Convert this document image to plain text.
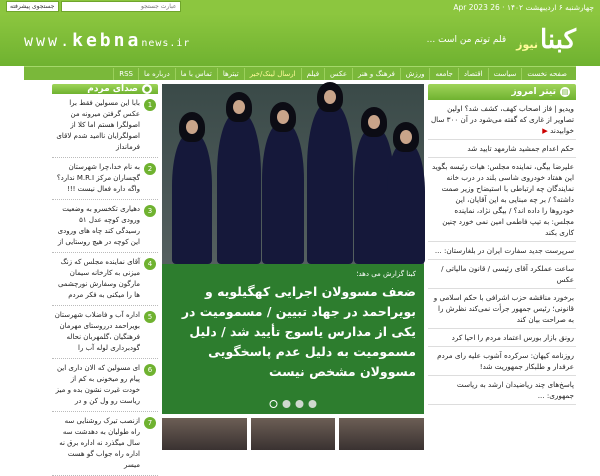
چهارشنبه ۶ اردیبهشت ۱۴۰۲ · 26 Apr 2023
جستجوی پیشرفته
عبارت جستجو
کبنا
نیوز
قلم توتم من است ...
www.kebnanews.ir
صفحه نخست
سیاست
اقتصاد
جامعه
ورزش
فرهنگ و هنر
عکس
فیلم
ارسال لینک/خبر
تیترها
تماس با ما
درباره ما
RSS
▤
تیتر امروز
ویدیو | فاز اصحاب کهف، کشف شد؟ اولین تصاویر از غاری که گفته می‌شود در آن ۳۰۰ سال خوابیدند ▶
حکم اعدام جمشید شارمهد تایید شد
علیرضا بیگی، نماینده مجلس: هیات رئیسه بگوید این هفتاد خودروی شاسی بلند در درب خانه نمایندگان چه ارتباطی با استیضاح وزیر صمت داشته؟ / بر چه مبنایی به این آقایان، این خودروها را داده اند؟ / بیگی نژاد، نماینده مجلس: به تیپ فاطمی امین نمی خورد چنین کاری بکند
سرپرست جدید سفارت ایران در بلغارستان: ...
ساعت عملکرد آقای رئیسی / قانون مالیاتی / عکس
برخورد مناقشه حزب اشرافی با حکم اسلامی و قانونی؛ رئیس جمهور جرأت نمی‌کند نظرش را به صراحت بیان کند
رونق بازار بورس اعتماد مردم را احیا کرد
روزنامه کیهان: سرکرده آشوب علیه رای مردم عرفدار و طلبکار جمهوریت شد!
پاسخ‌های چند ریاضیدان ارشد به ریاست جمهوری: ...
کبنا گزارش می دهد؛
ضعف مسوولان اجرایی کهگیلویه و بویراحمد در جهاد تبیین / مسمومیت در یکی از مدارس یاسوج تأیید شد / دلیل مسمومیت به دلیل عدم پاسخگویی مسوولان مشخص نیست
●
صدای مردم
1
بابا این مسولین فقط برا عکس گرفتن میرونه من اصولگرا هستم اما کلا از اصولگرایان ناامید شدم لاقای فرمانداز
2
به نام خدا،چرا شهرستان گچساران مرکز M.R.I ندارد؟ واگه داره فعال نیست !!!
3
دهیاری تکخسرو به وضعیت ورودی کوچه عدل ۵۱ رسیدگی کند چاه های ورودی این کوچه در هیچ روستایی از
4
آقای نماینده مجلس که زنگ میزنی به کارخانه سیمان مارگون وسفارش نورچشمی ها را میکنی به فکر مردم
5
اداره آب و فاضلاب شهرستان بویراحمد درروستای مهرمان فرهنگیان ،گلمهربان نحاله گودبرداری لوله آب را
6
ای مسولین که الان داری این پیام رو میخونی به کم از خودت غیرت نشون بده و میز ریاست رو ول کن و در
7
ازنصب تیرک روشنایی سه راه طولیان به دهدشت سه سال میگذرد نه اداره برق نه اداره راه جواب گو هست میسر
